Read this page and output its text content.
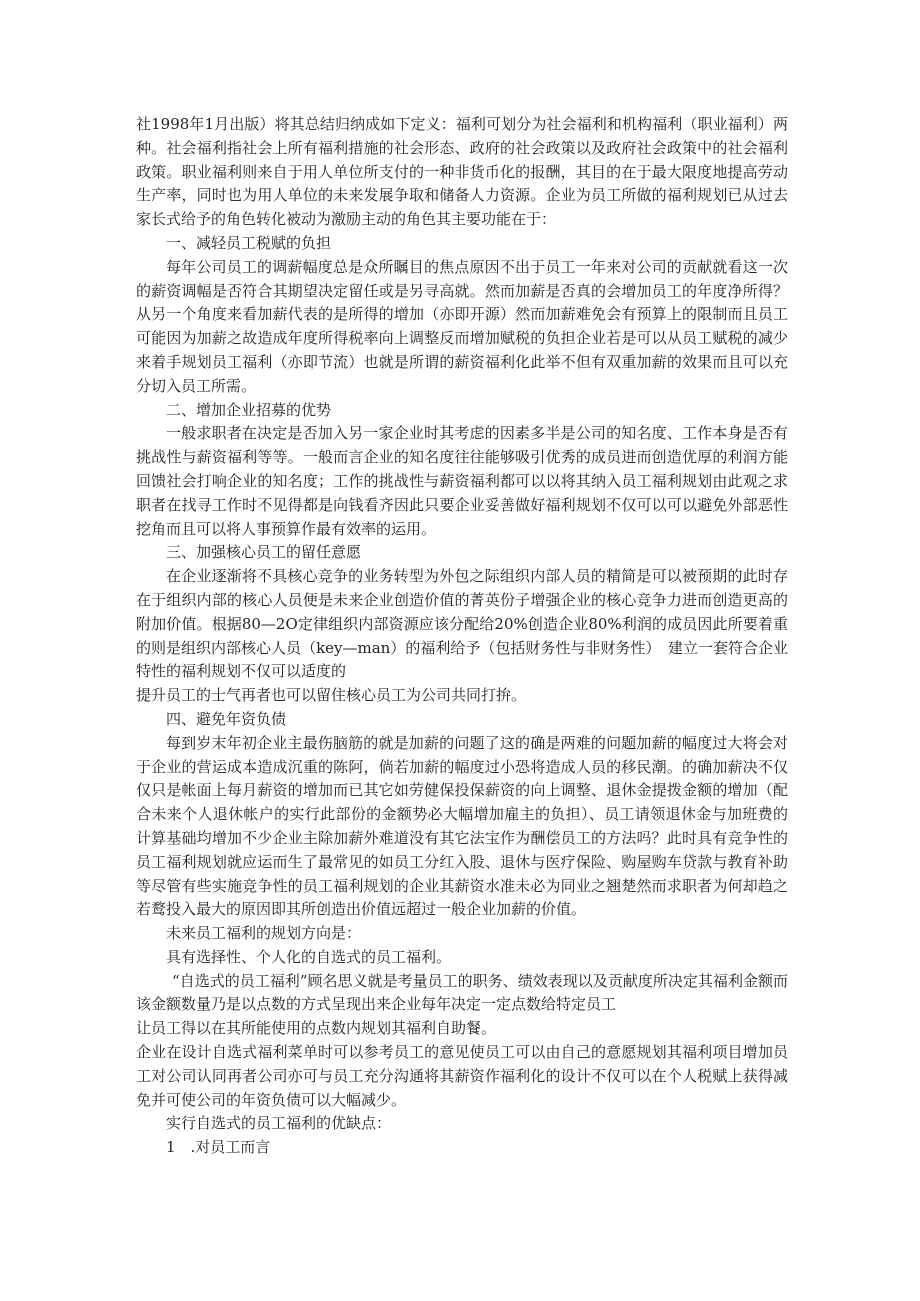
社1998年1月出版）将其总结归纳成如下定义：福利可划分为社会福利和机构福利（职业福利）两种。社会福利指社会上所有福利措施的社会形态、政府的社会政策以及政府社会政策中的社会福利政策。职业福利则来自于用人单位所支付的一种非货币化的报酬，其目的在于最大限度地提高劳动生产率，同时也为用人单位的未来发展争取和储备人力资源。企业为员工所做的福利规划已从过去家长式给予的角色转化被动为激励主动的角色其主要功能在于：

一、减轻员工税赋的负担

每年公司员工的调薪幅度总是众所瞩目的焦点原因不出于员工一年来对公司的贡献就看这一次的薪资调幅是否符合其期望决定留任或是另寻高就。然而加薪是否真的会增加员工的年度净所得？从另一个角度来看加薪代表的是所得的增加（亦即开源）然而加薪难免会有预算上的限制而且员工可能因为加薪之故造成年度所得税率向上调整反而增加赋税的负担企业若是可以从员工赋税的减少来着手规划员工福利（亦即节流）也就是所谓的薪资福利化此举不但有双重加薪的效果而且可以充分切入员工所需。

二、增加企业招募的优势

一般求职者在决定是否加入另一家企业时其考虑的因素多半是公司的知名度、工作本身是否有挑战性与薪资福利等等。一般而言企业的知名度往往能够吸引优秀的成员进而创造优厚的利润方能回馈社会打响企业的知名度；工作的挑战性与薪资福利都可以以将其纳入员工福利规划由此观之求职者在找寻工作时不见得都是向钱看齐因此只要企业妥善做好福利规划不仅可以可以避免外部恶性挖角而且可以将人事预算作最有效率的运用。

三、加强核心员工的留任意愿

在企业逐渐将不具核心竞争的业务转型为外包之际组织内部人员的精简是可以被预期的此时存在于组织内部的核心人员便是未来企业创造价值的菁英份子增强企业的核心竞争力进而创造更高的附加价值。根据80—2O定律组织内部资源应该分配给20%创造企业80%利润的成员因此所要着重的则是组织内部核心人员（key—man）的福利给予（包括财务性与非财务性）　建立一套符合企业特性的福利规划不仅可以适度的

提升员工的士气再者也可以留住核心员工为公司共同打拚。

四、避免年资负债

每到岁末年初企业主最伤脑筋的就是加薪的问题了这的确是两难的问题加薪的幅度过大将会对于企业的营运成本造成沉重的陈阿，倘若加薪的幅度过小恐将造成人员的移民潮。的确加薪决不仅仅只是帐面上每月薪资的增加而已其它如劳健保投保薪资的向上调整、退休金提拨金额的增加（配合未来个人退休帐户的实行此部份的金额势必大幅增加雇主的负担）、员工请领退休金与加班费的计算基础均增加不少企业主除加薪外难道没有其它法宝作为酬偿员工的方法吗？此时具有竞争性的员工福利规划就应运而生了最常见的如员工分红入股、退休与医疗保险、购屋购车贷款与教育补助等尽管有些实施竞争性的员工福利规划的企业其薪资水准未必为同业之翘楚然而求职者为何却趋之若鹜投入最大的原因即其所创造出价值远超过一般企业加薪的价值。

未来员工福利的规划方向是：

具有选择性、个人化的自选式的员工福利。

“自选式的员工福利”顾名思义就是考量员工的职务、绩效表现以及贡献度所决定其福利金额而该金额数量乃是以点数的方式呈现出来企业每年决定一定点数给特定员工

让员工得以在其所能使用的点数内规划其福利自助餐。

企业在设计自选式福利菜单时可以参考员工的意见使员工可以由自己的意愿规划其福利项目增加员工对公司认同再者公司亦可与员工充分沟通将其薪资作福利化的设计不仅可以在个人税赋上获得减免并可使公司的年资负债可以大幅减少。

实行自选式的员工福利的优缺点：

1　.对员工而言
